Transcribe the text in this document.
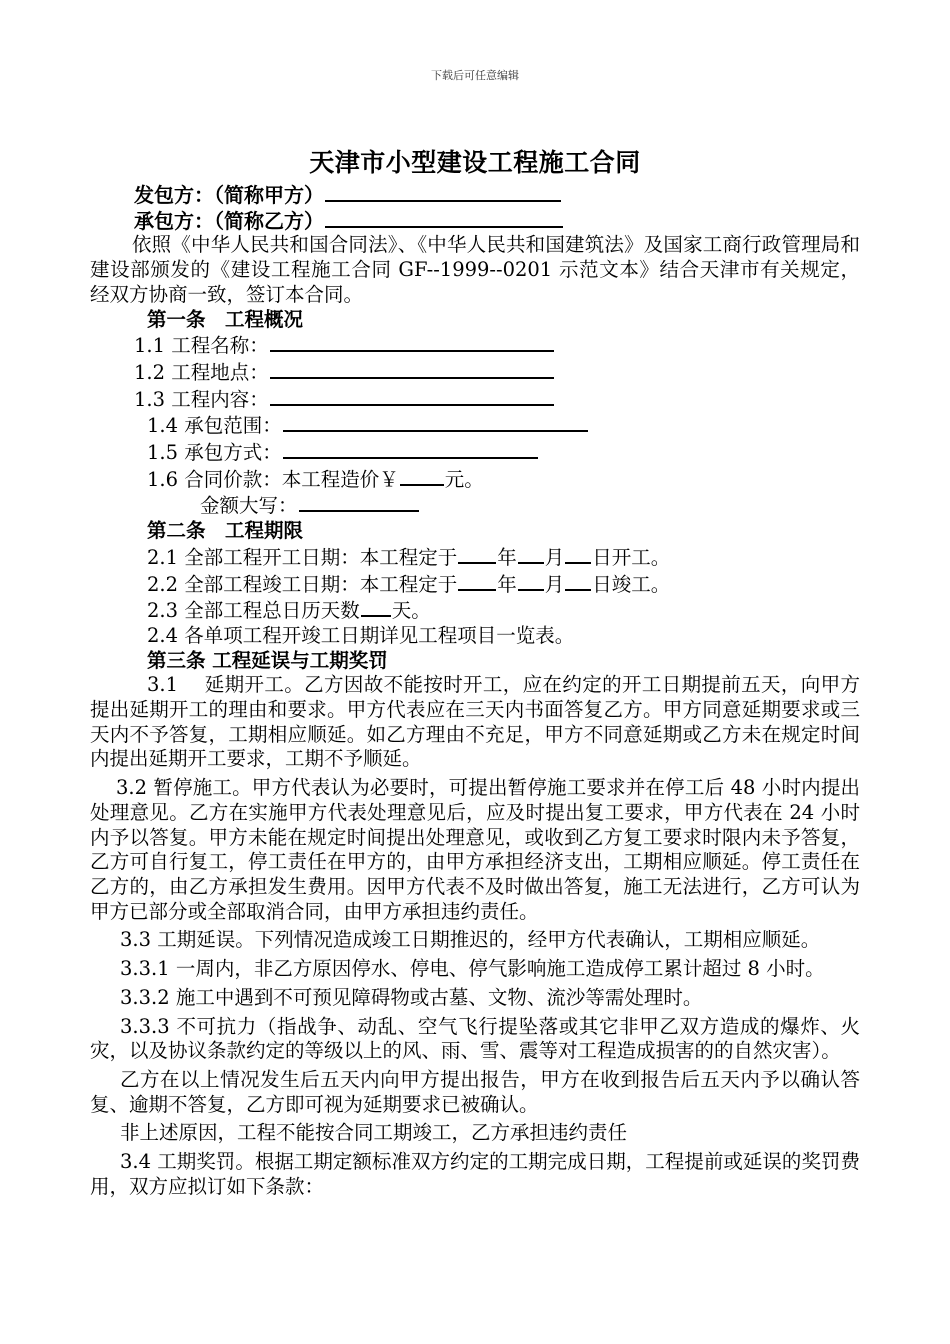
下载后可任意编辑
天津市小型建设工程施工合同
发包方：（简称甲方）
承包方：（简称乙方）
依照《中华人民共和国合同法》、《中华人民共和国建筑法》及国家工商行政管理局和建设部颁发的《建设工程施工合同 GF--1999--0201 示范文本》结合天津市有关规定，经双方协商一致，签订本合同。
第一条　工程概况
1.1 工程名称：
1.2 工程地点：
1.3 工程内容：
1.4 承包范围：
1.5 承包方式：
1.6 合同价款：本工程造价￥ 元。
金额大写：
第二条　工程期限
2.1 全部工程开工日期：本工程定于 年 月 日开工。
2.2 全部工程竣工日期：本工程定于 年 月 日竣工。
2.3 全部工程总日历天数 天。
2.4 各单项工程开竣工日期详见工程项目一览表。
第三条 工程延误与工期奖罚
3.1　 延期开工。乙方因故不能按时开工，应在约定的开工日期提前五天，向甲方提出延期开工的理由和要求。甲方代表应在三天内书面答复乙方。甲方同意延期要求或三天内不予答复，工期相应顺延。如乙方理由不充足，甲方不同意延期或乙方未在规定时间内提出延期开工要求，工期不予顺延。
3.2 暂停施工。甲方代表认为必要时，可提出暂停施工要求并在停工后 48 小时内提出处理意见。乙方在实施甲方代表处理意见后，应及时提出复工要求，甲方代表在 24 小时内予以答复。甲方未能在规定时间提出处理意见，或收到乙方复工要求时限内未予答复，乙方可自行复工，停工责任在甲方的，由甲方承担经济支出，工期相应顺延。停工责任在乙方的，由乙方承担发生费用。因甲方代表不及时做出答复，施工无法进行，乙方可认为甲方已部分或全部取消合同，由甲方承担违约责任。
3.3 工期延误。下列情况造成竣工日期推迟的，经甲方代表确认，工期相应顺延。
3.3.1 一周内，非乙方原因停水、停电、停气影响施工造成停工累计超过 8 小时。
3.3.2 施工中遇到不可预见障碍物或古墓、文物、流沙等需处理时。
3.3.3 不可抗力（指战争、动乱、空气飞行提坠落或其它非甲乙双方造成的爆炸、火灾，以及协议条款约定的等级以上的风、雨、雪、震等对工程造成损害的的自然灾害）。
乙方在以上情况发生后五天内向甲方提出报告，甲方在收到报告后五天内予以确认答复、逾期不答复，乙方即可视为延期要求已被确认。
非上述原因，工程不能按合同工期竣工，乙方承担违约责任
3.4 工期奖罚。根据工期定额标准双方约定的工期完成日期，工程提前或延误的奖罚费用，双方应拟订如下条款：
